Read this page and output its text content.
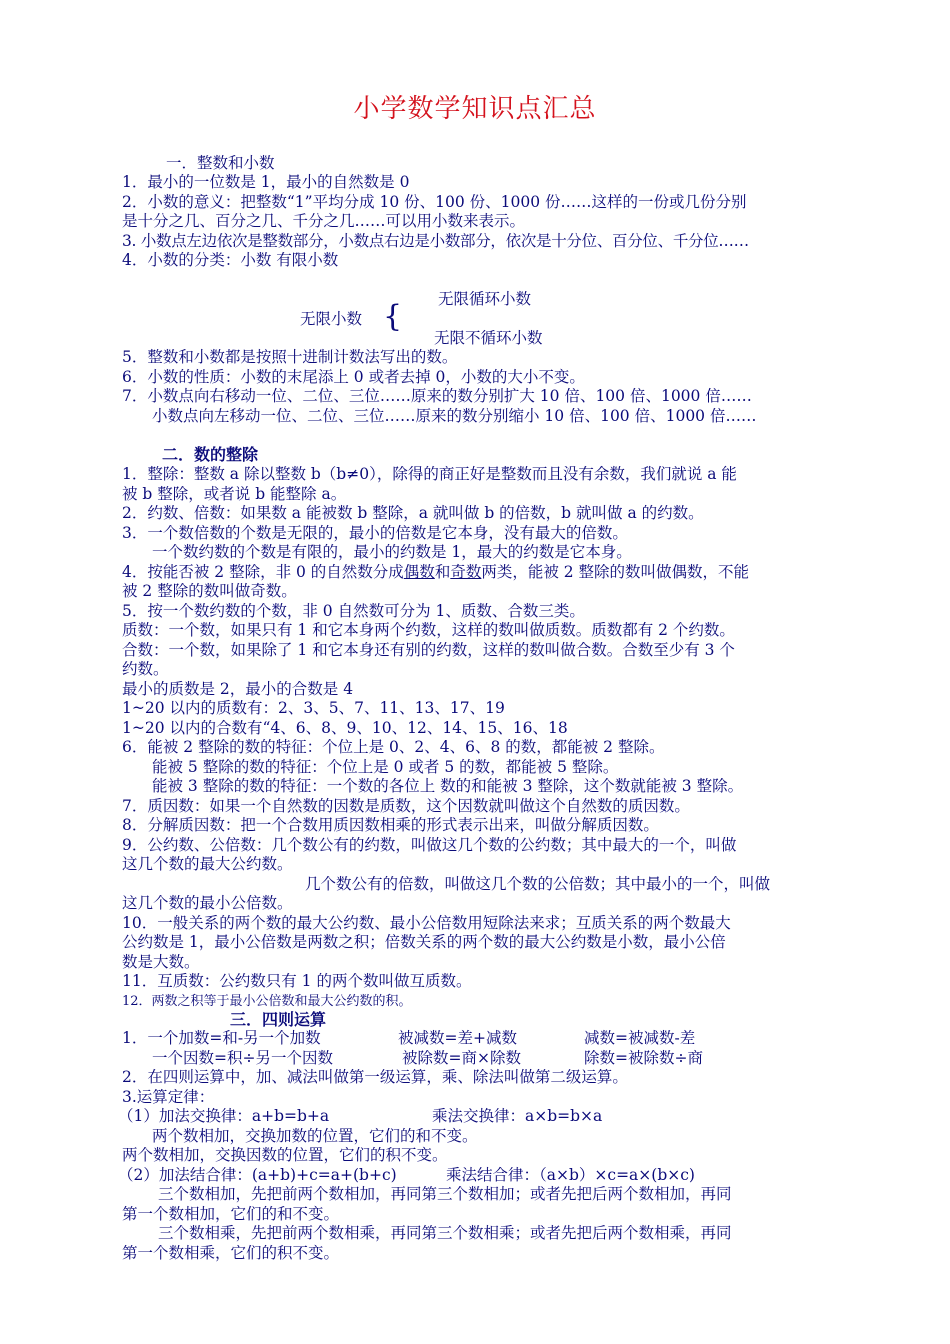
小学数学知识点汇总
一．整数和小数
1．最小的一位数是 1，最小的自然数是 0
2．小数的意义：把整数“1”平均分成 10 份、100 份、1000 份……这样的一份或几份分别
是十分之几、百分之几、千分之几……可以用小数来表示。
3. 小数点左边依次是整数部分，小数点右边是小数部分，依次是十分位、百分位、千分位……
4．小数的分类：小数 有限小数
无限循环小数
无限小数 {
无限不循环小数
5．整数和小数都是按照十进制计数法写出的数。
6．小数的性质：小数的末尾添上 0 或者去掉 0，小数的大小不变。
7．小数点向右移动一位、二位、三位……原来的数分别扩大 10 倍、100 倍、1000 倍……
小数点向左移动一位、二位、三位……原来的数分别缩小 10 倍、100 倍、1000 倍……
二．数的整除
1．整除：整数 a 除以整数 b（b≠0），除得的商正好是整数而且没有余数，我们就说 a 能
被 b 整除，或者说 b 能整除 a。
2．约数、倍数：如果数 a 能被数 b 整除，a 就叫做 b 的倍数，b 就叫做 a 的约数。
3．一个数倍数的个数是无限的，最小的倍数是它本身，没有最大的倍数。
一个数约数的个数是有限的，最小的约数是 1，最大的约数是它本身。
4．按能否被 2 整除，非 0 的自然数分成偶数和奇数两类，能被 2 整除的数叫做偶数，不能
被 2 整除的数叫做奇数。
5．按一个数约数的个数，非 0 自然数可分为 1、质数、合数三类。
质数：一个数，如果只有 1 和它本身两个约数，这样的数叫做质数。质数都有 2 个约数。
合数：一个数，如果除了 1 和它本身还有别的约数，这样的数叫做合数。合数至少有 3 个
约数。
最小的质数是 2，最小的合数是 4
1~20 以内的质数有：2、3、5、7、11、13、17、19
1~20 以内的合数有“4、6、8、9、10、12、14、15、16、18
6．能被 2 整除的数的特征：个位上是 0、2、4、6、8 的数，都能被 2 整除。
能被 5 整除的数的特征：个位上是 0 或者 5 的数，都能被 5 整除。
能被 3 整除的数的特征：一个数的各位上 数的和能被 3 整除，这个数就能被 3 整除。
7．质因数：如果一个自然数的因数是质数，这个因数就叫做这个自然数的质因数。
8．分解质因数：把一个合数用质因数相乘的形式表示出来，叫做分解质因数。
9．公约数、公倍数：几个数公有的约数，叫做这几个数的公约数；其中最大的一个，叫做
这几个数的最大公约数。
几个数公有的倍数，叫做这几个数的公倍数；其中最小的一个，叫做
这几个数的最小公倍数。
10．一般关系的两个数的最大公约数、最小公倍数用短除法来求；互质关系的两个数最大
公约数是 1，最小公倍数是两数之积；倍数关系的两个数的最大公约数是小数，最小公倍
数是大数。
11．互质数：公约数只有 1 的两个数叫做互质数。
12．两数之积等于最小公倍数和最大公约数的积。
三．四则运算
1．一个加数=和-另一个加数	被减数=差+减数	减数=被减数-差
一个因数=积÷另一个因数	被除数=商×除数	除数=被除数÷商
2．在四则运算中，加、减法叫做第一级运算，乘、除法叫做第二级运算。
3.运算定律：
（1）加法交换律：a+b=b+a	乘法交换律：a×b=b×a
两个数相加，交换加数的位置，它们的和不变。
两个数相加，交换因数的位置，它们的积不变。
（2）加法结合律：(a+b)+c=a+(b+c)	乘法结合律：（a×b）×c=a×(b×c)
三个数相加，先把前两个数相加，再同第三个数相加；或者先把后两个数相加，再同
第一个数相加，它们的和不变。
三个数相乘，先把前两个数相乘，再同第三个数相乘；或者先把后两个数相乘，再同
第一个数相乘，它们的积不变。
